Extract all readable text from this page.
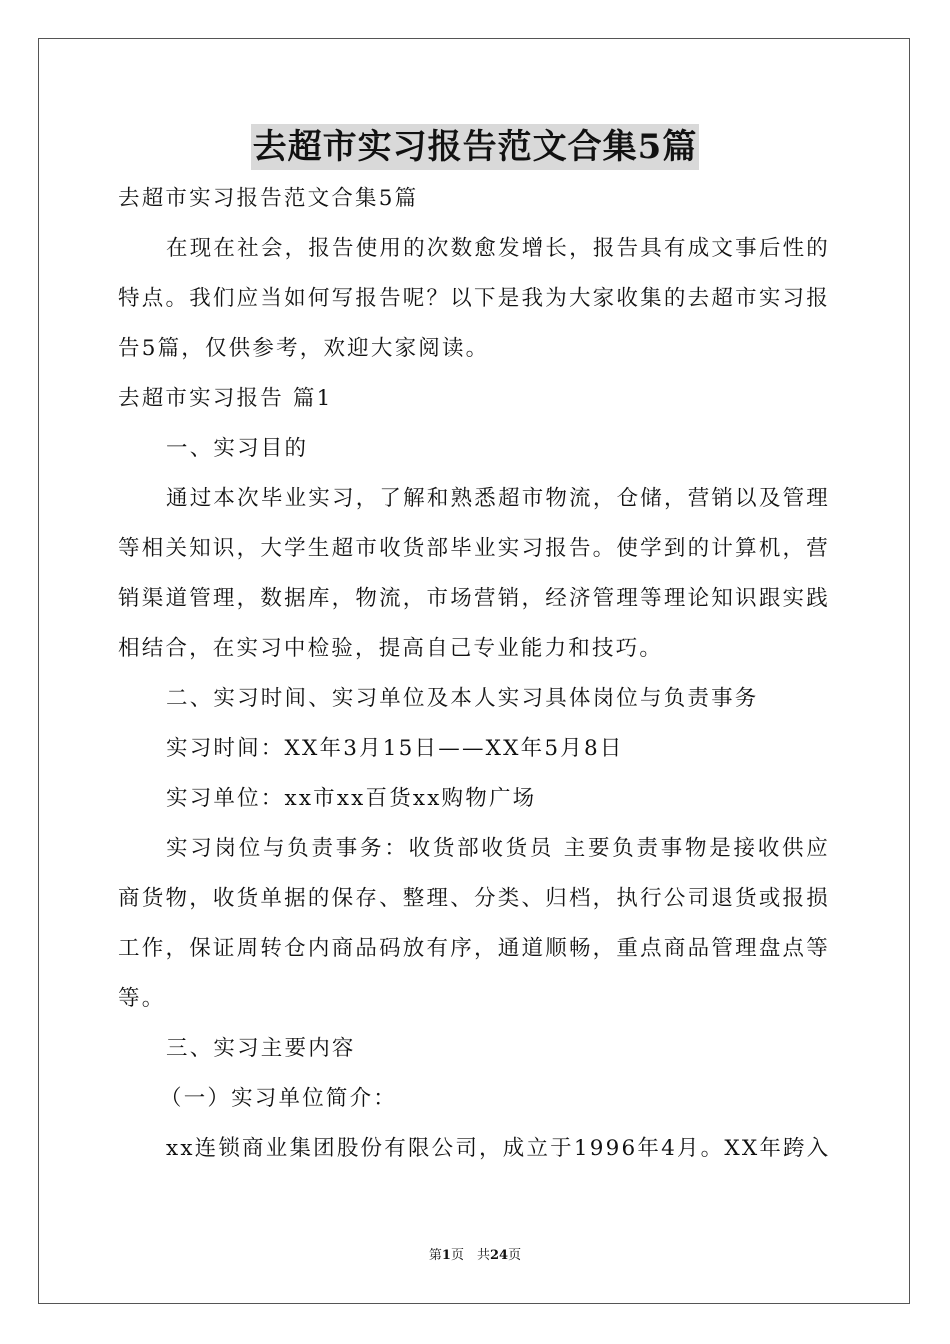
去超市实习报告范文合集5篇
去超市实习报告范文合集5篇
在现在社会，报告使用的次数愈发增长，报告具有成文事后性的
特点。我们应当如何写报告呢？以下是我为大家收集的去超市实习报
告5篇，仅供参考，欢迎大家阅读。
去超市实习报告 篇1
一、实习目的
通过本次毕业实习，了解和熟悉超市物流，仓储，营销以及管理
等相关知识，大学生超市收货部毕业实习报告。使学到的计算机，营
销渠道管理，数据库，物流，市场营销，经济管理等理论知识跟实践
相结合，在实习中检验，提高自己专业能力和技巧。
二、实习时间、实习单位及本人实习具体岗位与负责事务
实习时间：XX年3月15日——XX年5月8日
实习单位：xx市xx百货xx购物广场
实习岗位与负责事务：收货部收货员 主要负责事物是接收供应
商货物，收货单据的保存、整理、分类、归档，执行公司退货或报损
工作，保证周转仓内商品码放有序，通道顺畅，重点商品管理盘点等
等。
三、实习主要内容
（一）实习单位简介：
xx连锁商业集团股份有限公司，成立于1996年4月。XX年跨入
第1页　共24页
